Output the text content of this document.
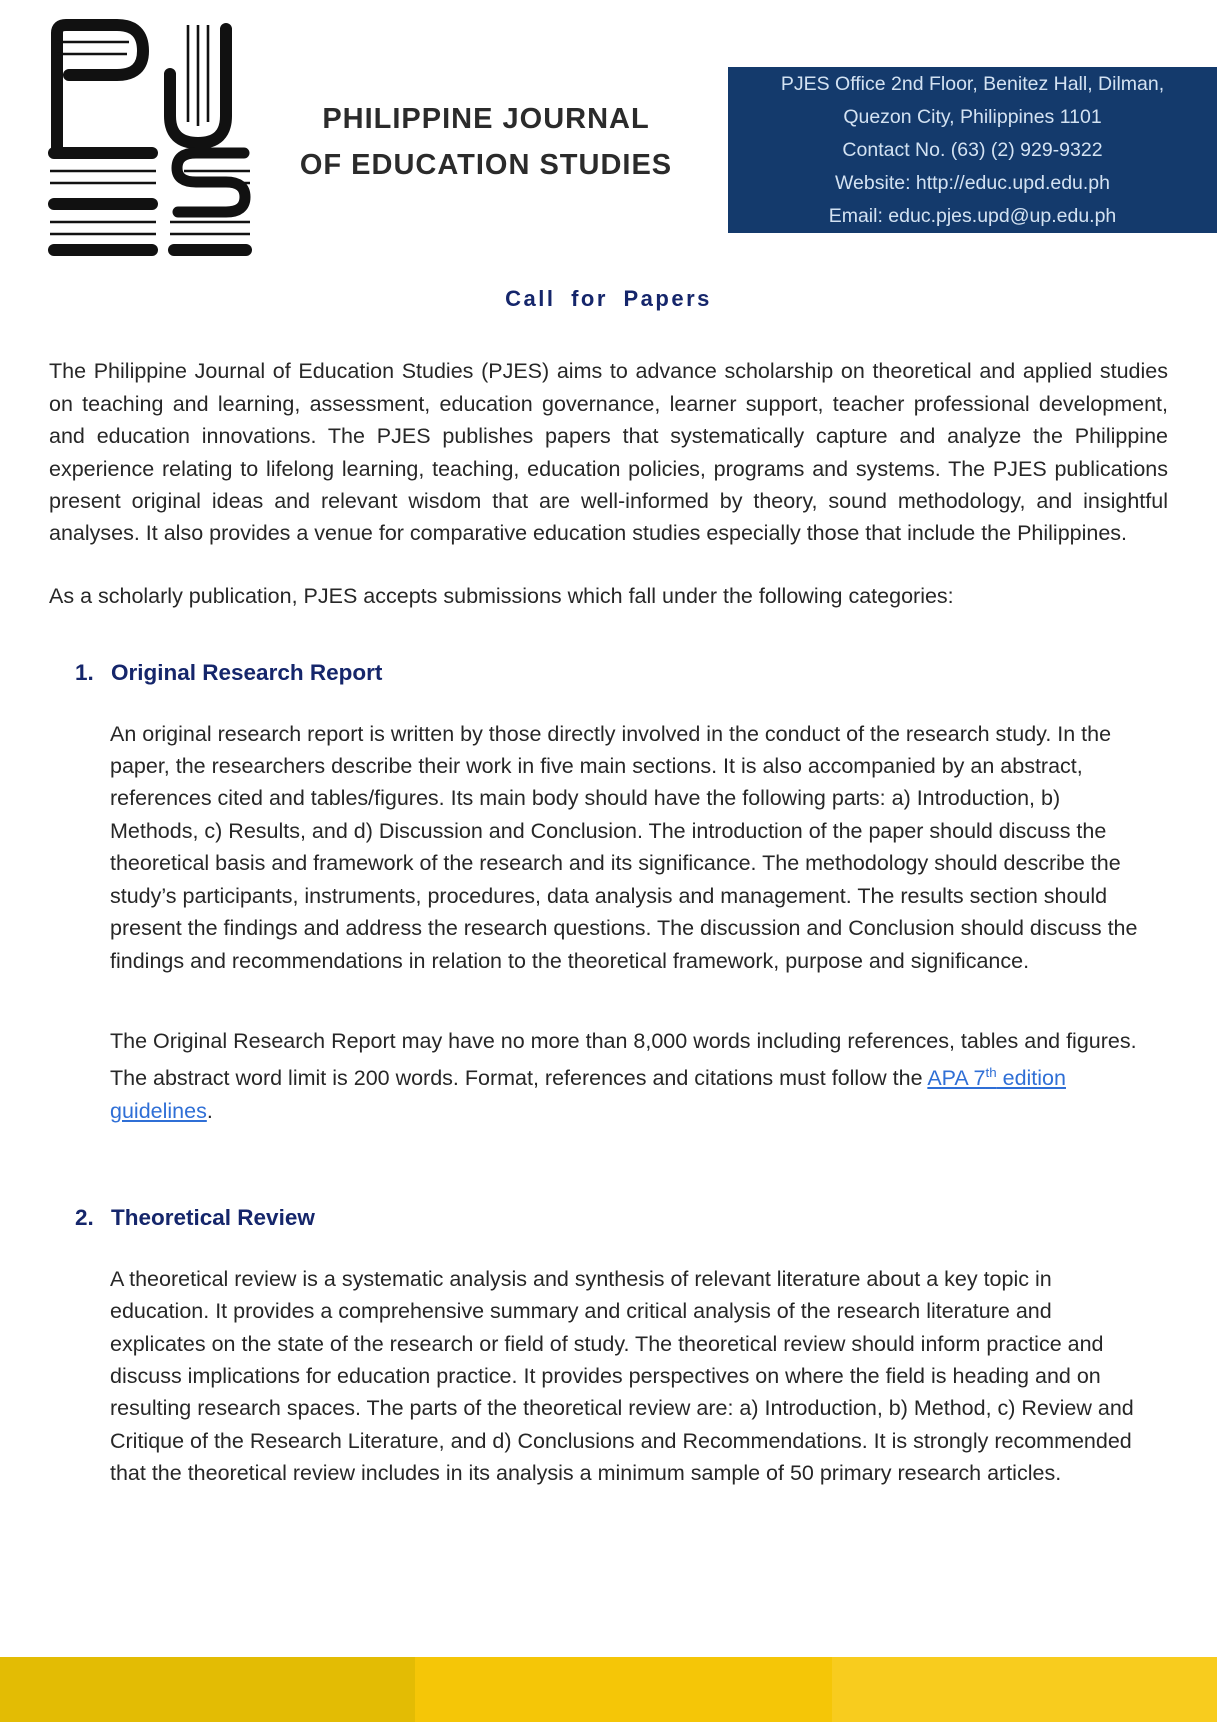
PHILIPPINE JOURNAL
OF EDUCATION STUDIES
PJES Office 2nd Floor, Benitez Hall, Dilman,
Quezon City, Philippines 1101
Contact No. (63) (2) 929-9322
Website: http://educ.upd.edu.ph
Email: educ.pjes.upd@up.edu.ph
Call for Papers

The Philippine Journal of Education Studies (PJES) aims to advance scholarship on theoretical and applied studies on teaching and learning, assessment, education governance, learner support, teacher professional development, and education innovations. The PJES publishes papers that systematically capture and analyze the Philippine experience relating to lifelong learning, teaching, education policies, programs and systems. The PJES publications present original ideas and relevant wisdom that are well-informed by theory, sound methodology, and insightful analyses. It also provides a venue for comparative education studies especially those that include the Philippines.

As a scholarly publication, PJES accepts submissions which fall under the following categories:

1. Original Research Report

An original research report is written by those directly involved in the conduct of the research study. In the paper, the researchers describe their work in five main sections. It is also accompanied by an abstract, references cited and tables/figures. Its main body should have the following parts: a) Introduction, b) Methods, c) Results, and d) Discussion and Conclusion. The introduction of the paper should discuss the theoretical basis and framework of the research and its significance. The methodology should describe the study’s participants, instruments, procedures, data analysis and management. The results section should present the findings and address the research questions. The discussion and Conclusion should discuss the findings and recommendations in relation to the theoretical framework, purpose and significance.

The Original Research Report may have no more than 8,000 words including references, tables and figures. The abstract word limit is 200 words. Format, references and citations must follow the APA 7th edition guidelines.

2. Theoretical Review

A theoretical review is a systematic analysis and synthesis of relevant literature about a key topic in education. It provides a comprehensive summary and critical analysis of the research literature and explicates on the state of the research or field of study. The theoretical review should inform practice and discuss implications for education practice. It provides perspectives on where the field is heading and on resulting research spaces. The parts of the theoretical review are: a) Introduction, b) Method, c) Review and Critique of the Research Literature, and d) Conclusions and Recommendations. It is strongly recommended that the theoretical review includes in its analysis a minimum sample of 50 primary research articles.
